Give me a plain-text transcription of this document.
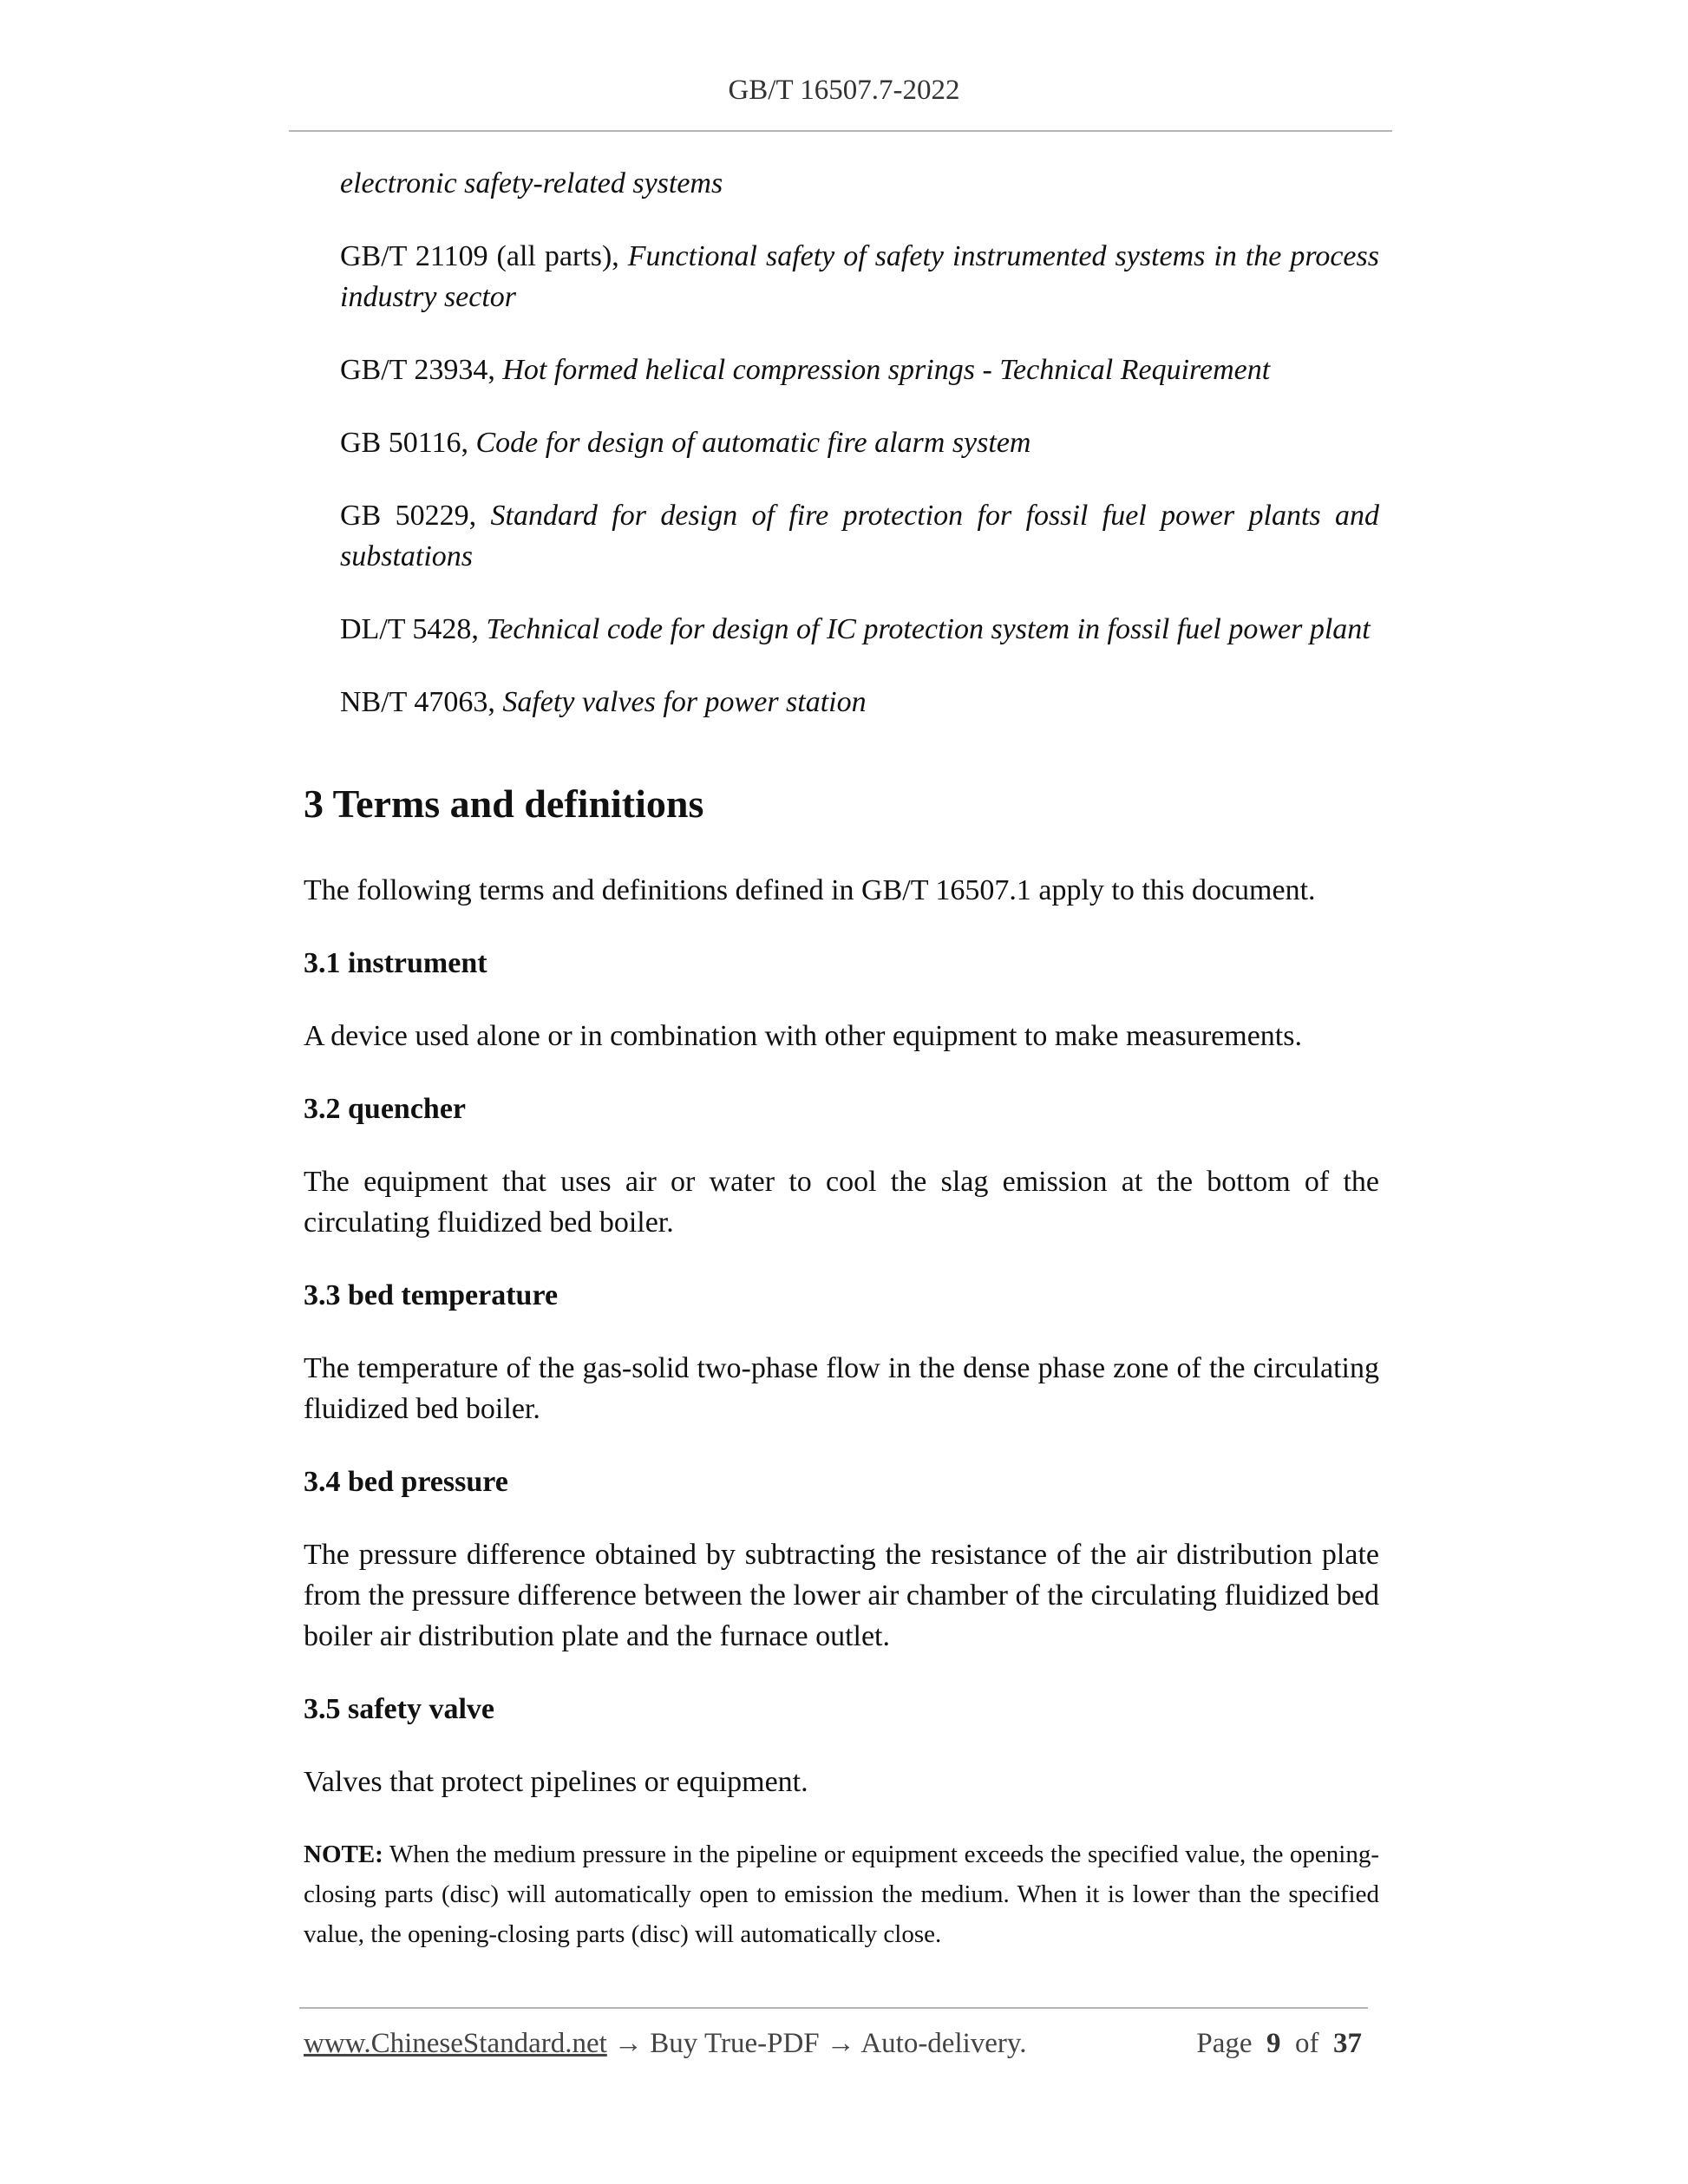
GB/T 16507.7-2022

electronic safety-related systems

GB/T 21109 (all parts), Functional safety of safety instrumented systems in the process industry sector

GB/T 23934, Hot formed helical compression springs - Technical Requirement

GB 50116, Code for design of automatic fire alarm system

GB 50229, Standard for design of fire protection for fossil fuel power plants and substations

DL/T 5428, Technical code for design of IC protection system in fossil fuel power plant

NB/T 47063, Safety valves for power station

3 Terms and definitions

The following terms and definitions defined in GB/T 16507.1 apply to this document.

3.1 instrument

A device used alone or in combination with other equipment to make measurements.

3.2 quencher

The equipment that uses air or water to cool the slag emission at the bottom of the circulating fluidized bed boiler.

3.3 bed temperature

The temperature of the gas-solid two-phase flow in the dense phase zone of the circulating fluidized bed boiler.

3.4 bed pressure

The pressure difference obtained by subtracting the resistance of the air distribution plate from the pressure difference between the lower air chamber of the circulating fluidized bed boiler air distribution plate and the furnace outlet.

3.5 safety valve

Valves that protect pipelines or equipment.

NOTE: When the medium pressure in the pipeline or equipment exceeds the specified value, the opening-closing parts (disc) will automatically open to emission the medium. When it is lower than the specified value, the opening-closing parts (disc) will automatically close.

www.ChineseStandard.net → Buy True-PDF → Auto-delivery.	Page 9 of 37
